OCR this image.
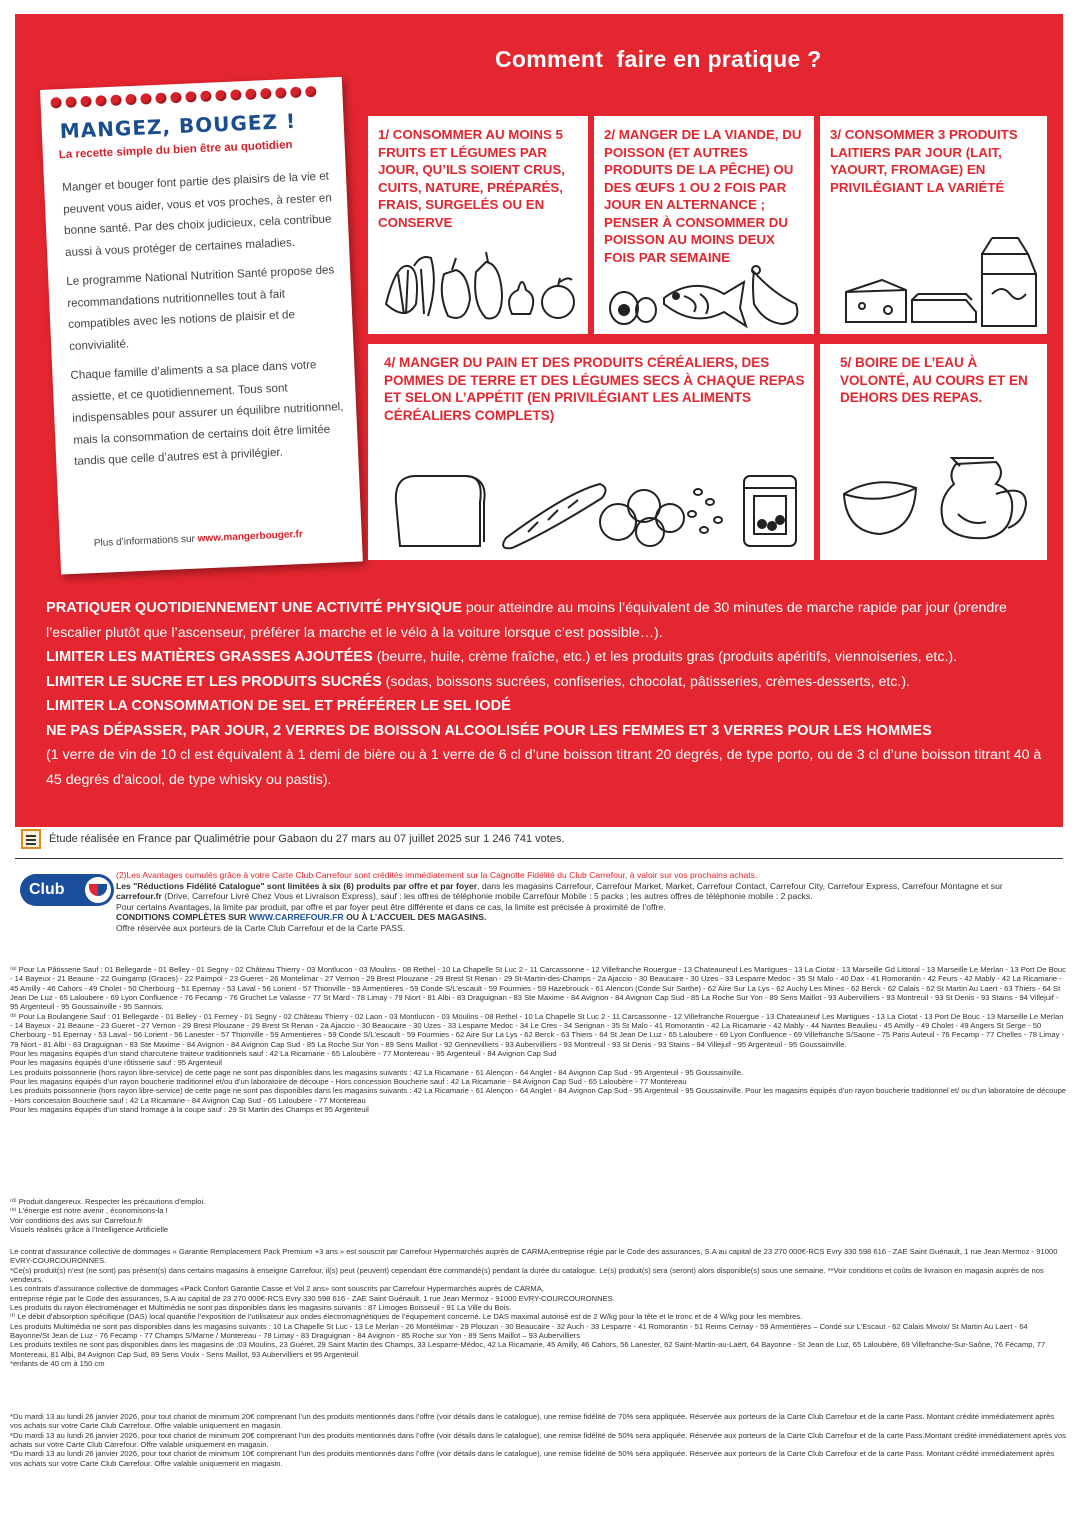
Comment  faire en pratique ?
MANGEZ, BOUGEZ !
La recette simple du bien être au quotidien

Manger et bouger font partie des plaisirs de la vie et peuvent vous aider, vous et vos proches, à rester en bonne santé. Par des choix judicieux, cela contribue aussi à vous protéger de certaines maladies.

Le programme National Nutrition Santé propose des recommandations nutritionnelles tout à fait compatibles avec les notions de plaisir et de convivialité.

Chaque famille d’aliments a sa place dans votre assiette, et ce quotidiennement. Tous sont indispensables pour assurer un équilibre nutritionnel, mais la consommation de certains doit être limitée tandis que celle d’autres est à privilégier.

Plus d’informations sur www.mangerbouger.fr
1/ CONSOMMER AU MOINS 5 FRUITS ET LÉGUMES PAR JOUR, QU’ILS SOIENT CRUS, CUITS, NATURE, PRÉPARÉS, FRAIS, SURGELÉS OU EN CONSERVE
2/ MANGER DE LA VIANDE, DU POISSON (ET AUTRES PRODUITS DE LA PÊCHE) OU DES ŒUFS 1 OU 2 FOIS PAR JOUR EN ALTERNANCE ; PENSER À CONSOMMER DU POISSON AU MOINS DEUX FOIS PAR SEMAINE
3/ CONSOMMER 3 PRODUITS LAITIERS PAR JOUR (LAIT, YAOURT, FROMAGE) EN PRIVILÉGIANT LA VARIÉTÉ
4/ MANGER DU PAIN ET DES PRODUITS CÉRÉALIERS, DES POMMES DE TERRE ET DES LÉGUMES SECS À CHAQUE REPAS ET SELON L’APPÉTIT (EN PRIVILÉGIANT LES ALIMENTS CÉRÉALIERS COMPLETS)
5/ BOIRE DE L’EAU À VOLONTÉ, AU COURS ET EN DEHORS DES REPAS.
PRATIQUER QUOTIDIENNEMENT UNE ACTIVITÉ PHYSIQUE pour atteindre au moins l’équivalent de 30 minutes de marche rapide par jour (prendre l’escalier plutôt que l’ascenseur, préférer la marche et le vélo à la voiture lorsque c’est possible…).
LIMITER LES MATIÈRES GRASSES AJOUTÉES (beurre, huile, crème fraîche, etc.) et les produits gras (produits apéritifs, viennoiseries, etc.).
LIMITER LE SUCRE ET LES PRODUITS SUCRÉS (sodas, boissons sucrées, confiseries, chocolat, pâtisseries, crèmes-desserts, etc.).
LIMITER LA CONSOMMATION DE SEL ET PRÉFÉRER LE SEL IODÉ
NE PAS DÉPASSER, PAR JOUR, 2 VERRES DE BOISSON ALCOOLISÉE POUR LES FEMMES ET 3 VERRES POUR LES HOMMES
(1 verre de vin de 10 cl est équivalent à 1 demi de bière ou à 1 verre de 6 cl d’une boisson titrant 20 degrés, de type porto, ou de 3 cl d’une boisson titrant 40 à 45 degrés d’alcool, de type whisky ou pastis).
Étude réalisée en France par Qualimétrie pour Gabaon du 27 mars au 07 juillet 2025 sur 1 246 741 votes.
Club
(2)Les Avantages cumulés grâce à votre Carte Club Carrefour sont crédités immédiatement sur la Cagnotte Fidélité du Club Carrefour, à valoir sur vos prochains achats.
Les "Réductions Fidélité Catalogue" sont limitées à six (6) produits par offre et par foyer, dans les magasins Carrefour, Carrefour Market, Market, Carrefour Contact, Carrefour City, Carrefour Express, Carrefour Montagne et sur
carrefour.fr (Drive, Carrefour Livré Chez Vous et Livraison Express), sauf : les offres de téléphonie mobile Carrefour Mobile : 5 packs ; les autres offres de téléphonie mobile : 2 packs.
Pour certains Avantages, la limite par produit, par offre et par foyer peut être différente et dans ce cas, la limite est précisée à proximité de l’offre.
CONDITIONS COMPLÈTES SUR WWW.CARREFOUR.FR OU À L’ACCUEIL DES MAGASINS.
Offre réservée aux porteurs de la Carte Club Carrefour et de la Carte PASS.

⁽ᵃ⁾ Pour La Pâtisserie Sauf : 01 Bellegarde - 01 Belley - 01 Segny - 02 Château Thierry - 03 Montlucon - 03 Moulins - 08 Rethel - 10 La Chapelle St Luc 2 - 11 Carcassonne - 12 Villefranche Rouergue - 13 Chateauneuf Les Martigues - 13 La Ciotat - 13 Marseille Gd Littoral - 13 Marseille Le Merlan - 13 Port De Bouc - 14 Bayeux - 21 Beaune - 22 Guingamp (Graces) - 22 Paimpol - 23 Gueret - 26 Montelimar - 27 Vernon - 29 Brest Plouzane - 29 Brest St Renan - 29 St-Martin-des-Champs - 2a Ajaccio - 30 Beaucaire - 30 Uzes - 33 Lesparre Medoc - 35 St Malo - 40 Dax - 41 Romorantin - 42 Feurs - 42 Mably - 42 La Ricamarie - 45 Amilly - 46 Cahors - 49 Cholet - 50 Cherbourg - 51 Epernay - 53 Laval - 56 Lorient - 57 Thionville - 59 Armentieres - 59 Conde S/L'escault - 59 Fourmies - 59 Hazebrouck - 61 Alencon (Conde Sur Sarthe) - 62 Aire Sur La Lys - 62 Auchy Les Mines - 62 Berck - 62 Calais - 62 St Martin Au Laert - 63 Thiers - 64 St Jean De Luz - 65 Laloubere - 69 Lyon Confluence - 76 Fecamp - 76 Gruchet Le Valasse - 77 St Mard - 78 Limay - 79 Niort - 81 Albi - 83 Draguignan - 83 Ste Maxime - 84 Avignon - 84 Avignon Cap Sud - 85 La Roche Sur Yon - 89 Sens Maillot - 93 Aubervilliers - 93 Montreuil - 93 St Denis - 93 Stains - 94 Villejuif - 95 Argenteuil - 95 Goussainville - 95 Sannois.

⁽ᵇ⁾ Pour La Boulangerie Sauf : 01 Bellegarde - 01 Belley - 01 Ferney - 01 Segny - 02 Château Thierry - 02 Laon - 03 Montlucon - 03 Moulins - 08 Rethel - 10 La Chapelle St Luc 2 - 11 Carcassonne - 12 Villefranche Rouergue - 13 Chateauneuf Les Martigues - 13 La Ciotat - 13 Port De Bouc - 13 Marseille Le Merlan - 14 Bayeux - 21 Beaune - 23 Gueret - 27 Vernon - 29 Brest Plouzane - 29 Brest St Renan - 2a Ajaccio - 30 Beaucaire - 30 Uzes - 33 Lesparre Medoc - 34 Le Cres - 34 Serignan - 35 St Malo - 41 Romorantin - 42 La Ricamarie - 42 Mably - 44 Nantes Beaulieu - 45 Amilly - 49 Cholet - 49 Angers St Serge - 50 Cherbourg - 51 Epernay - 53 Laval - 56 Lorient - 56 Lanester - 57 Thionville - 59 Armentieres - 59 Conde S/L'escault - 59 Fourmies - 62 Aire Sur La Lys - 62 Berck - 63 Thiers - 64 St Jean De Luz - 65 Laloubere - 69 Lyon Confluence - 69 Villefranche S/Saone - 75 Paris Auteuil - 76 Fecamp - 77 Chelles - 78 Limay - 79 Niort - 81 Albi - 83 Draguignan - 83 Ste Maxime - 84 Avignon - 84 Avignon Cap Sud - 85 La Roche Sur Yon - 89 Sens Maillot - 92 Gennevilliers - 93 Aubervilliers - 93 Montreuil - 93 St Denis - 93 Stains - 94 Villejuif - 95 Argenteuil - 95 Goussainville.

Pour les magasins équipés d’un stand charcuterie traiteur traditionnels sauf : 42 La Ricamarie - 65 Laloubère - 77 Montereau - 95 Argenteuil - 84 Avignon Cap Sud

Pour les magasins équipés d’une rôtisserie sauf : 95 Argenteuil

Les produits poissonnerie (hors rayon libre-service) de cette page ne sont pas disponibles dans les magasins suivants : 42 La Ricamarie - 61 Alençon - 64 Anglet - 84 Avignon Cap Sud - 95 Argenteuil - 95 Goussainville.

Pour les magasins équipés d’un rayon boucherie traditionnel et/ou d’un laboratoire de découpe - Hors concession Boucherie sauf : 42 La Ricamarie - 84 Avignon Cap Sud - 65 Laloubère - 77 Montereau

Les produits poissonnerie (hors rayon libre-service) de cette page ne sont pas disponibles dans les magasins suivants : 42 La Ricamarie - 61 Alençon - 64 Anglet - 84 Avignon Cap Sud - 95 Argenteuil - 95 Goussainville. Pour les magasins équipés d’un rayon boucherie traditionnel et/ ou d’un laboratoire de découpe - Hors concession Boucherie sauf : 42 La Ricamarie - 84 Avignon Cap Sud - 65 Laloubère - 77 Montereau

Pour les magasins équipés d’un stand fromage à la coupe sauf : 29 St Martin des Champs et 95 Argenteuil

⁽ᵈ⁾ Produit dangereux. Respecter les précautions d’emploi.

⁽ᵉ⁾ L’énergie est notre avenir , économisons-la !

Voir conditions des avis sur Carrefour.fr

Visuels réalisés grâce à l’Intelligence Artificielle

Le contrat d’assurance collective de dommages « Garantie Remplacement Pack Premium +3 ans » est souscrit par Carrefour Hypermarchés auprès de CARMA,entreprise régie par le Code des assurances, S.A au capital de 23 270 000€-RCS Evry 330 598 616 - ZAE Saint Guénault, 1 rue Jean Mermoz - 91000 EVRY-COURCOURONNES.

*Ce(s) produit(s) n’est (ne sont) pas présent(s) dans certains magasins à enseigne Carrefour, il(s) peut (peuvent) cependant être commandé(s) pendant la durée du catalogue. Le(s) produit(s) sera (seront) alors disponible(s) sous une semaine. **Voir conditions et coûts de livraison en magasin auprès de nos vendeurs.

Les contrats d’assurance collective de dommages «Pack Confort Garantie Casse et Vol 2 ans» sont souscrits par Carrefour Hypermarchés auprès de CARMA,

entreprise régie par le Code des assurances, S.A au capital de 23 270 000€-RCS Evry 330 598 616 - ZAE Saint Guénault, 1 rue Jean Mermoz - 91000 EVRY-COURCOURONNES.

Les produits du rayon électroménager et Multimédia ne sont pas disponibles dans les magasins suivants : 87 Limoges Boisseuil - 91 La Ville du Bois.

⁽ᶠ⁾ Le débit d’absorption spécifique (DAS) local quantifie l’exposition de l’utilisateur aux ondes électromagnétiques de l’équipement concerné. Le DAS maximal autorisé est de 2 W/kg pour la tête et le tronc et de 4 W/kg pour les membres.

Les produits Multimédia ne sont pas disponibles dans les magasins suivants : 10 La Chapelle St Luc - 13 Le Merlan - 26 Montélimar - 29 Plouzan - 30 Beaucaire - 32 Auch - 33 Lesparre - 41 Romorantin - 51 Reims Cernay - 59 Armentières – Condé sur L’Escaut - 62 Calais Mivoix/ St Martin Au Laert - 64 Bayonne/St Jean de Luz - 76 Fecamp - 77 Champs S/Marne / Montereau - 78 Limay - 83 Draguignan - 84 Avignon - 85 Roche sur Yon - 89 Sens Maillot – 93 Aubervilliers

Les produits textiles ne sont pas disponibles dans les magasins de :03 Moulins, 23 Guéret, 29 Saint Martin des Champs, 33 Lesparre-Médoc, 42 La Ricamarie, 45 Amilly, 46 Cahors, 56 Lanester, 62 Saint-Martin-au-Laërt, 64 Bayonne - St Jean de Luz, 65 Laloubère, 69 Villefranche-Sur-Saône, 76 Fécamp, 77 Montereau, 81 Albi, 84 Avignon Cap Sud, 89 Sens Voulx - Sens Maillot, 93 Aubervilliers et 95 Argenteuil

*enfants de 40 cm à 150 cm

*Du mardi 13 au lundi 26 janvier 2026, pour tout chariot de minimum 20€ comprenant l’un des produits mentionnés dans l’offre (voir détails dans le catalogue), une remise fidélité de 70% sera appliquée. Réservée aux porteurs de la Carte Club Carrefour et de la carte Pass. Montant crédité immédiatement après vos achats sur votre Carte Club Carrefour. Offre valable uniquement en magasin.

*Du mardi 13 au lundi 26 janvier 2026, pour tout chariot de minimum 20€ comprenant l’un des produits mentionnés dans l’offre (voir détails dans le catalogue), une remise fidélité de 50% sera appliquée. Réservée aux porteurs de la Carte Club Carrefour et de la carte Pass.Montant crédité immédiatement après vos achats sur votre Carte Club Carrefour. Offre valable uniquement en magasin.

*Du mardi 13 au lundi 26 janvier 2026, pour tout chariot de minimum 10€ comprenant l’un des produits mentionnés dans l’offre (voir détails dans le catalogue), une remise fidélité de 50% sera appliquée. Réservée aux porteurs de la Carte Club Carrefour et de la carte Pass. Montant crédité immédiatement après vos achats sur votre Carte Club Carrefour. Offre valable uniquement en magasin.
